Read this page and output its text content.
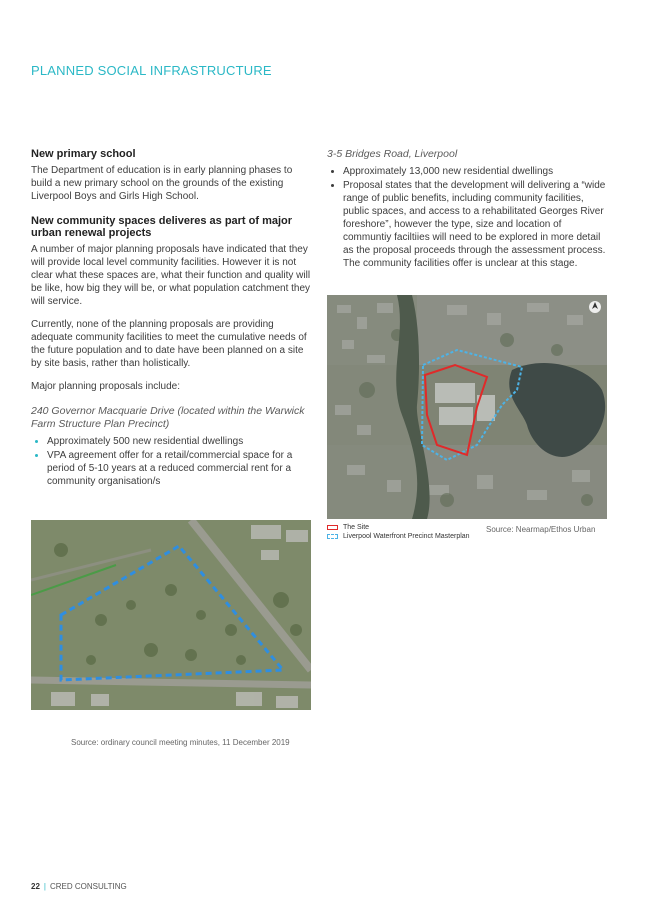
PLANNED SOCIAL INFRASTRUCTURE
New primary school

The Department of education is in early planning phases to build a new primary school on the grounds of the existing Liverpool Boys and Girls High School.

New community spaces deliveres as part of major urban renewal projects

A number of major planning proposals have indicated that they will provide local level community facilities. However it is not clear what these spaces are, what their function and quality will be like, how big they will be, or what population catchment they will service.

Currently, none of the planning proposals are providing adequate community facilities to meet the cumulative needs of the future population and to date have been planned on a site by site basis, rather than holistically.

Major planning proposals include:

240 Governor Macquarie Drive (located within the Warwick Farm Structure Plan Precinct)
• Approximately 500 new residential dwellings
• VPA agreement offer for a retail/commercial space for a period of 5-10 years at a reduced commercial rent for a community organisation/s
3-5 Bridges Road, Liverpool
• Approximately 13,000 new residential dwellings
• Proposal states that the development will delivering a “wide range of public benefits, including community facilities, public spaces, and access to a rehabilitated Georges River foreshore”, however the type, size and location of communtiy faciltiies will need to be explored in more detail as the proposal proceeds through the assessment process. The community facilities offer is unclear at this stage.
The Site
Liverpool Waterfront Precinct Masterplan
Source: Nearmap/Ethos Urban
Source: ordinary council meeting minutes, 11 December 2019
22 | CRED CONSULTING
